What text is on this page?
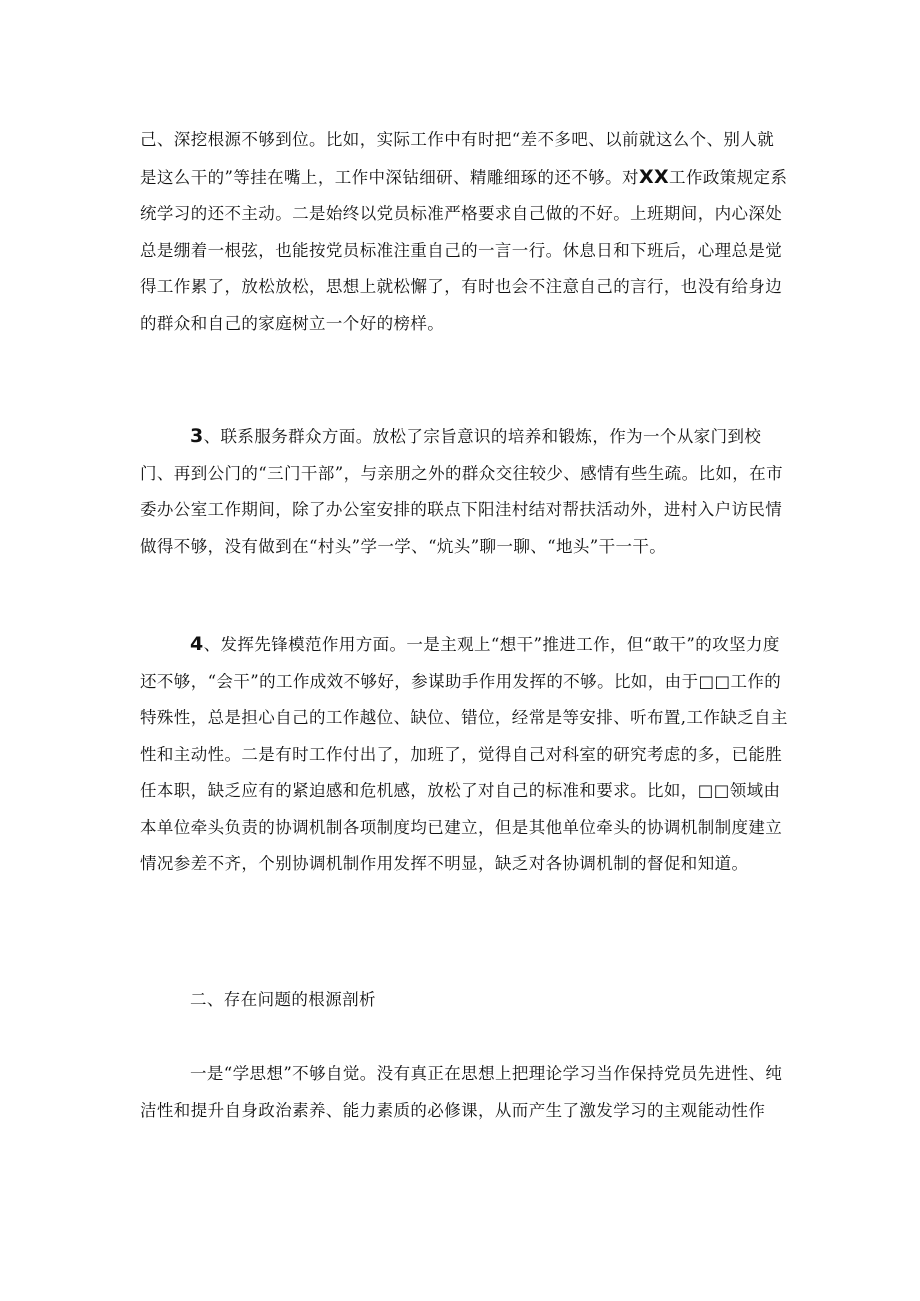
己、深挖根源不够到位。比如，实际工作中有时把“差不多吧、以前就这么个、别人就是这么干的”等挂在嘴上，工作中深钻细研、精雕细琢的还不够。对XX工作政策规定系统学习的还不主动。二是始终以党员标准严格要求自己做的不好。上班期间，内心深处总是绷着一根弦，也能按党员标准注重自己的一言一行。休息日和下班后，心理总是觉得工作累了，放松放松，思想上就松懈了，有时也会不注意自己的言行，也没有给身边的群众和自己的家庭树立一个好的榜样。

3、联系服务群众方面。放松了宗旨意识的培养和锻炼，作为一个从家门到校门、再到公门的“三门干部”，与亲朋之外的群众交往较少、感情有些生疏。比如，在市委办公室工作期间，除了办公室安排的联点下阳洼村结对帮扶活动外，进村入户访民情做得不够，没有做到在“村头”学一学、“炕头”聊一聊、“地头”干一干。

4、发挥先锋模范作用方面。一是主观上“想干”推进工作，但“敢干”的攻坚力度还不够，“会干”的工作成效不够好，参谋助手作用发挥的不够。比如，由于□□工作的特殊性，总是担心自己的工作越位、缺位、错位，经常是等安排、听布置,工作缺乏自主性和主动性。二是有时工作付出了，加班了，觉得自己对科室的研究考虑的多，已能胜任本职，缺乏应有的紧迫感和危机感，放松了对自己的标准和要求。比如，□□领域由本单位牵头负责的协调机制各项制度均已建立，但是其他单位牵头的协调机制制度建立情况参差不齐，个别协调机制作用发挥不明显，缺乏对各协调机制的督促和知道。

二、存在问题的根源剖析

一是“学思想”不够自觉。没有真正在思想上把理论学习当作保持党员先进性、纯洁性和提升自身政治素养、能力素质的必修课，从而产生了激发学习的主观能动性作
